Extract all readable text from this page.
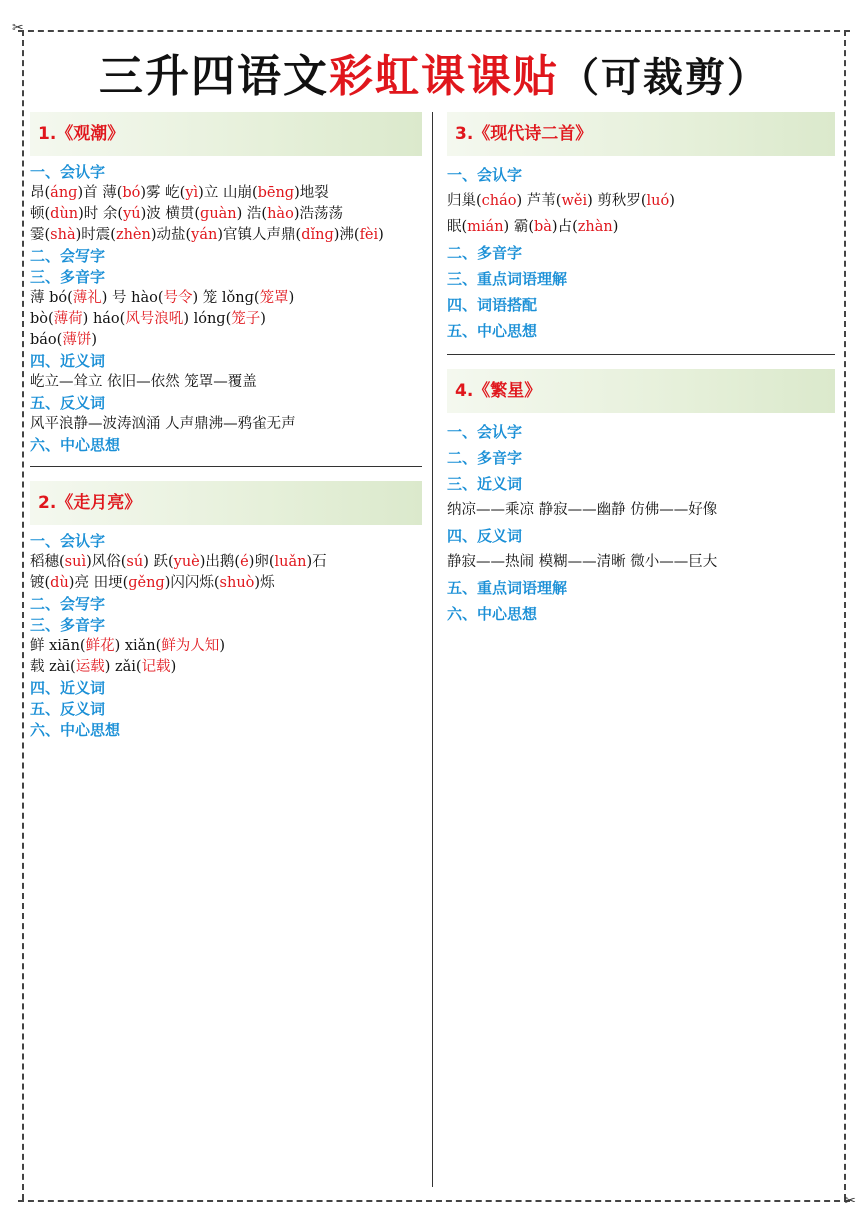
✂
✂
三升四语文彩虹课课贴（可裁剪）
1.《观潮》
一、会认字
昂(ánɡ)首 薄(bó)雾 屹(yì)立 山崩(bēnɡ)地裂
顿(dùn)时 余(yú)波 横贯(ɡuàn) 浩(hào)浩荡荡
霎(shà)时震(zhèn)动盐(yán)官镇人声鼎(dǐnɡ)沸(fèi)
二、会写字
三、多音字
薄 bó(薄礼) 号 hào(号令) 笼 lǒnɡ(笼罩)
bò(薄荷) háo(风号浪吼) lónɡ(笼子)
báo(薄饼)
四、近义词
屹立—耸立 依旧—依然 笼罩—覆盖
五、反义词
风平浪静—波涛汹涌 人声鼎沸—鸦雀无声
六、中心思想
2.《走月亮》
一、会认字
稻穗(suì)风俗(sú) 跃(yuè)出鹅(é)卵(luǎn)石
镀(dù)亮 田埂(ɡěnɡ)闪闪烁(shuò)烁
二、会写字
三、多音字
鲜 xiān(鲜花) xiǎn(鲜为人知)
载 zài(运载) zǎi(记载)
四、近义词
五、反义词
六、中心思想
3.《现代诗二首》
一、会认字
归巢(cháo) 芦苇(wěi) 剪秋罗(luó)
眠(mián) 霸(bà)占(zhàn)
二、多音字
三、重点词语理解
四、词语搭配
五、中心思想
4.《繁星》
一、会认字
二、多音字
三、近义词
纳凉——乘凉 静寂——幽静 仿佛——好像
四、反义词
静寂——热闹 模糊——清晰 微小——巨大
五、重点词语理解
六、中心思想
